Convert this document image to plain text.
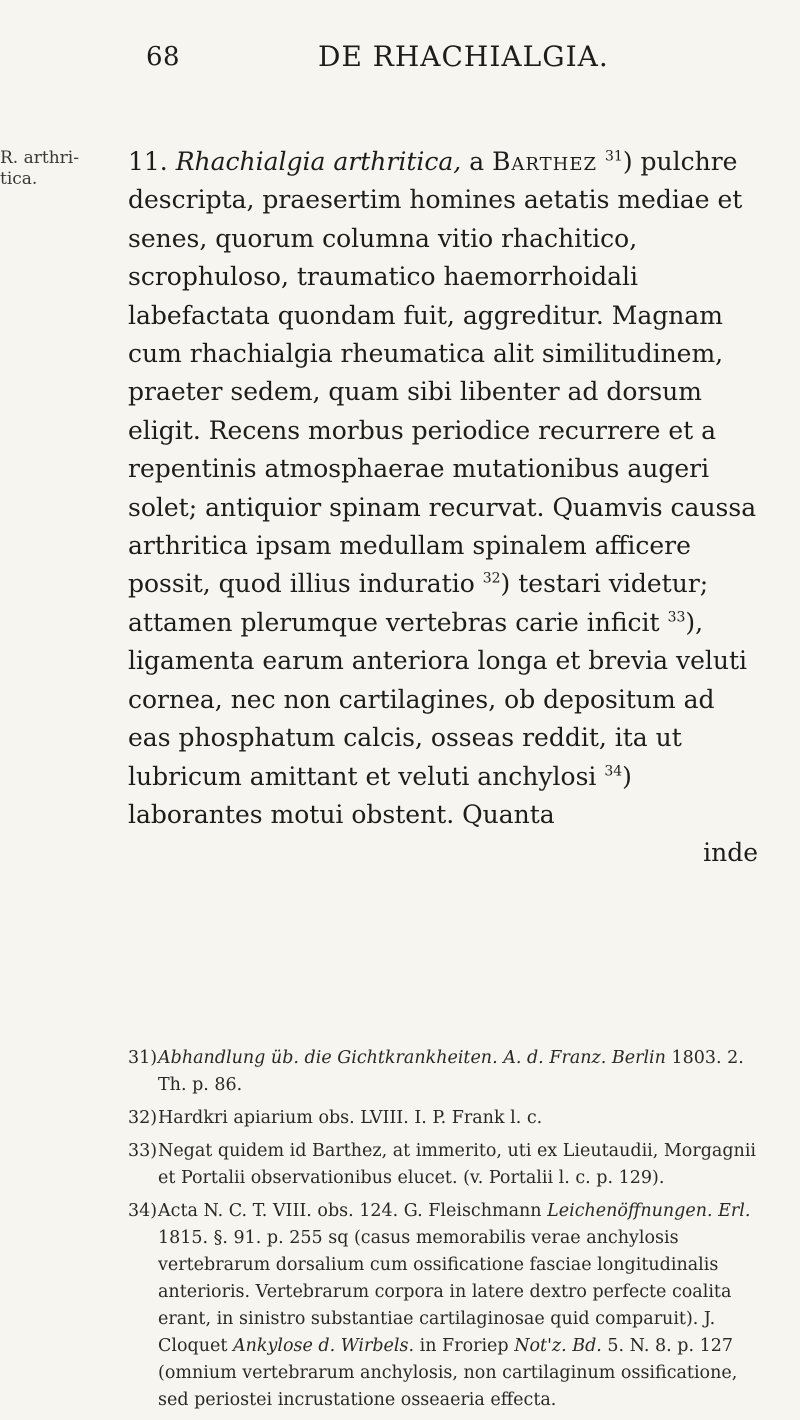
68	DE RHACHIALGIA.
R. arthri-
tica.

11. Rhachialgia arthritica, a Barthez $^{31}$) pulchre descripta, praesertim homines aetatis mediae et senes, quorum columna vitio rhachitico, scrophuloso, traumatico haemorrhoidali labefactata quondam fuit, aggreditur. Magnam cum rhachialgia rheumatica alit similitudinem, praeter sedem, quam sibi libenter ad dorsum eligit. Recens morbus periodice recurrere et a repentinis atmosphaerae mutationibus augeri solet; antiquior spinam recurvat. Quamvis caussa arthritica ipsam medullam spinalem afficere possit, quod illius induratio $^{32}$) testari videtur; attamen plerumque vertebras carie inficit $^{33}$), ligamenta earum anteriora longa et brevia veluti cornea, nec non cartilagines, ob depositum ad eas phosphatum calcis, osseas reddit, ita ut lubricum amittant et veluti anchylosi $^{34}$) laborantes motui obstent. Quanta
inde

31)Abhandlung üb. die Gichtkrankheiten. A. d. Franz. Berlin 1803. 2. Th. p. 86.

32)Hardkri apiarium obs. LVIII. I. P. Frank l. c.

33)Negat quidem id Barthez, at immerito, uti ex Lieutaudii, Morgagnii et Portalii observationibus elucet. (v. Portalii l. c. p. 129).

34)Acta N. C. T. VIII. obs. 124. G. Fleischmann Leichenöffnungen. Erl. 1815. §. 91. p. 255 sq (casus memorabilis verae anchylosis vertebrarum dorsalium cum ossificatione fasciae longitudinalis anterioris. Vertebrarum corpora in latere dextro perfecte coalita erant, in sinistro substantiae cartilaginosae quid comparuit). J. Cloquet Ankylose d. Wirbels. in Froriep Not'z. Bd. 5. N. 8. p. 127 (omnium vertebrarum anchylosis, non cartilaginum ossificatione, sed periostei incrustatione osseaeria effecta.
